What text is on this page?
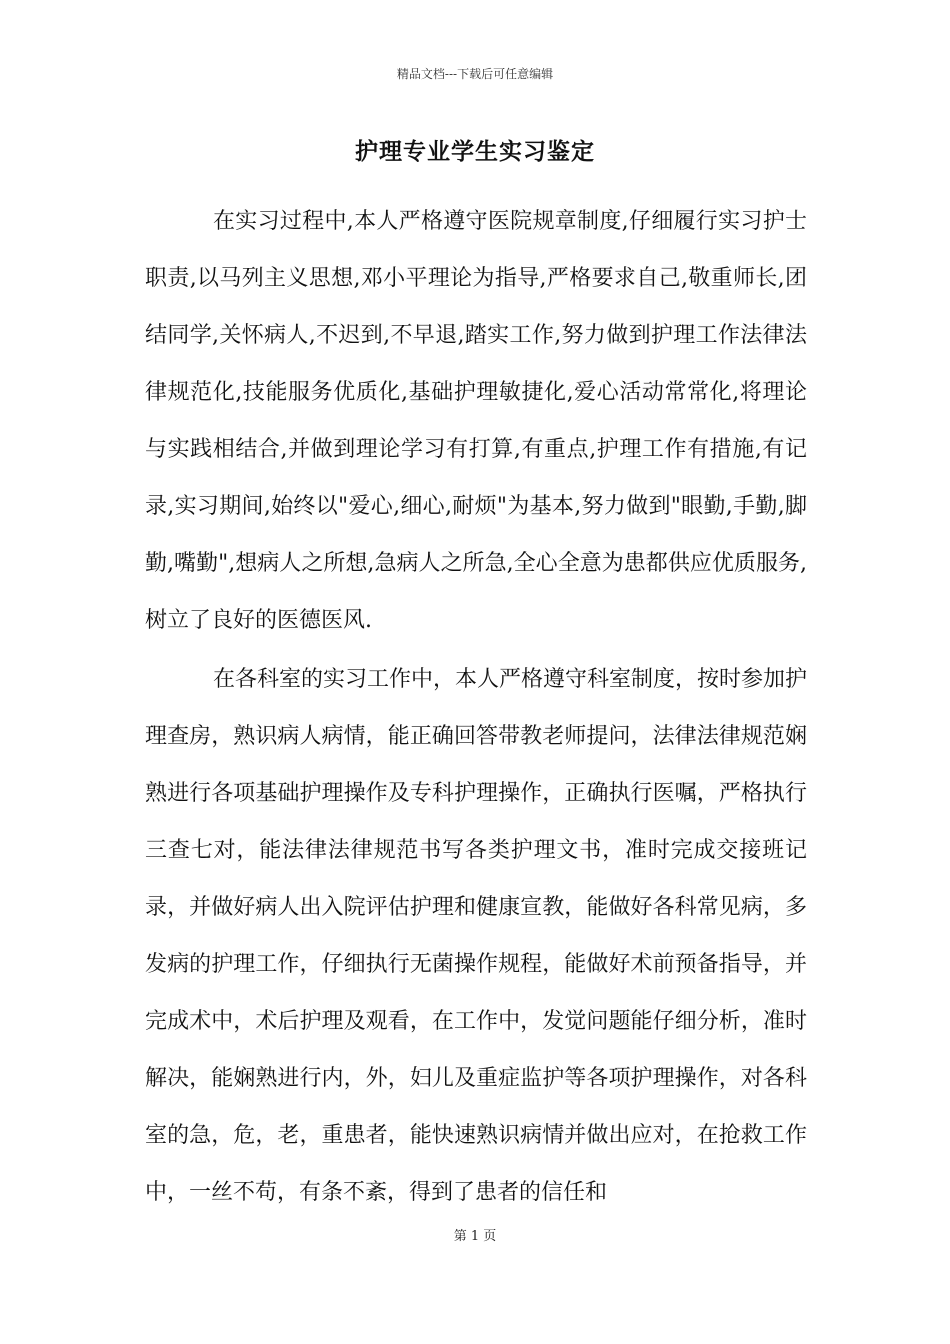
精品文档---下载后可任意编辑
护理专业学生实习鉴定

在实习过程中,本人严格遵守医院规章制度,仔细履行实习护士职责,以马列主义思想,邓小平理论为指导,严格要求自己,敬重师长,团结同学,关怀病人,不迟到,不早退,踏实工作,努力做到护理工作法律法律规范化,技能服务优质化,基础护理敏捷化,爱心活动常常化,将理论与实践相结合,并做到理论学习有打算,有重点,护理工作有措施,有记录,实习期间,始终以"爱心,细心,耐烦"为基本,努力做到"眼勤,手勤,脚勤,嘴勤",想病人之所想,急病人之所急,全心全意为患都供应优质服务,树立了良好的医德医风.

在各科室的实习工作中，本人严格遵守科室制度，按时参加护理查房，熟识病人病情，能正确回答带教老师提问，法律法律规范娴熟进行各项基础护理操作及专科护理操作，正确执行医嘱，严格执行三查七对，能法律法律规范书写各类护理文书，准时完成交接班记录，并做好病人出入院评估护理和健康宣教，能做好各科常见病，多发病的护理工作，仔细执行无菌操作规程，能做好术前预备指导，并完成术中，术后护理及观看，在工作中，发觉问题能仔细分析，准时解决，能娴熟进行内，外，妇儿及重症监护等各项护理操作，对各科室的急，危，老，重患者，能快速熟识病情并做出应对，在抢救工作中，一丝不苟，有条不紊，得到了患者的信任和

第 1 页
